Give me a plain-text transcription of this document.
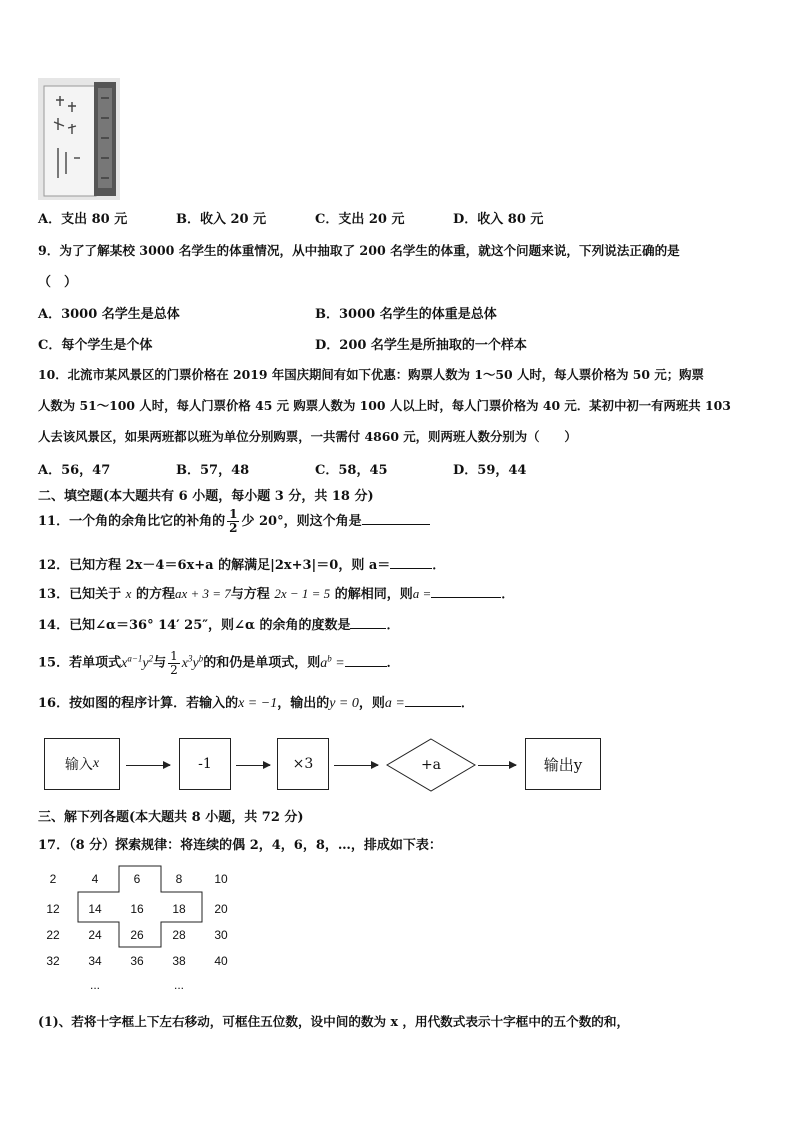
A．支出 80 元	B．收入 20 元	C．支出 20 元	D．收入 80 元
9．为了了解某校 3000 名学生的体重情况，从中抽取了 200 名学生的体重，就这个问题来说，下列说法正确的是
（　）
A．3000 名学生是总体	B．3000 名学生的体重是总体
C．每个学生是个体	D．200 名学生是所抽取的一个样本
10．北流市某风景区的门票价格在 2019 年国庆期间有如下优惠：购票人数为 1～50 人时，每人票价格为 50 元；购票
人数为 51～100 人时，每人门票价格 45 元 购票人数为 100 人以上时，每人门票价格为 40 元．某初中初一有两班共 103
人去该风景区，如果两班都以班为单位分别购票，一共需付 4860 元，则两班人数分别为（　　）
A．56，47	B．57，48	C．58，45	D．59，44
二、填空题(本大题共有 6 小题，每小题 3 分，共 18 分)
11．一个角的余角比它的补角的 $\frac{1}{2}$ 少 20°，则这个角是
12．已知方程 2x－4＝6x+a 的解满足|2x+3|＝0，则 a＝	．
13．已知关于 x 的方程ax + 3 = 7与方程 2x − 1 = 5 的解相同，则a =	．
14．已知∠α＝36° 14′ 25″，则∠α 的余角的度数是	．
15．若单项式$x^{a-1}y^2$与 $\frac{1}{2} x^3y^b$的和仍是单项式，则$a^b$ =	．
16．按如图的程序计算．若输入的x = −1，输出的y = 0，则a =	．
输入 x	-1	×3	+a	输出y
三、解下列各题(本大题共 8 小题，共 72 分)
17．（8 分）探索规律：将连续的偶 2，4，6，8，…，排成如下表：
2	4	6	8	10
12	14	16	18	20
22	24	26	28	30
32	34	36	38	40
...	...
(1)、若将十字框上下左右移动，可框住五位数，设中间的数为 x ，用代数式表示十字框中的五个数的和，
